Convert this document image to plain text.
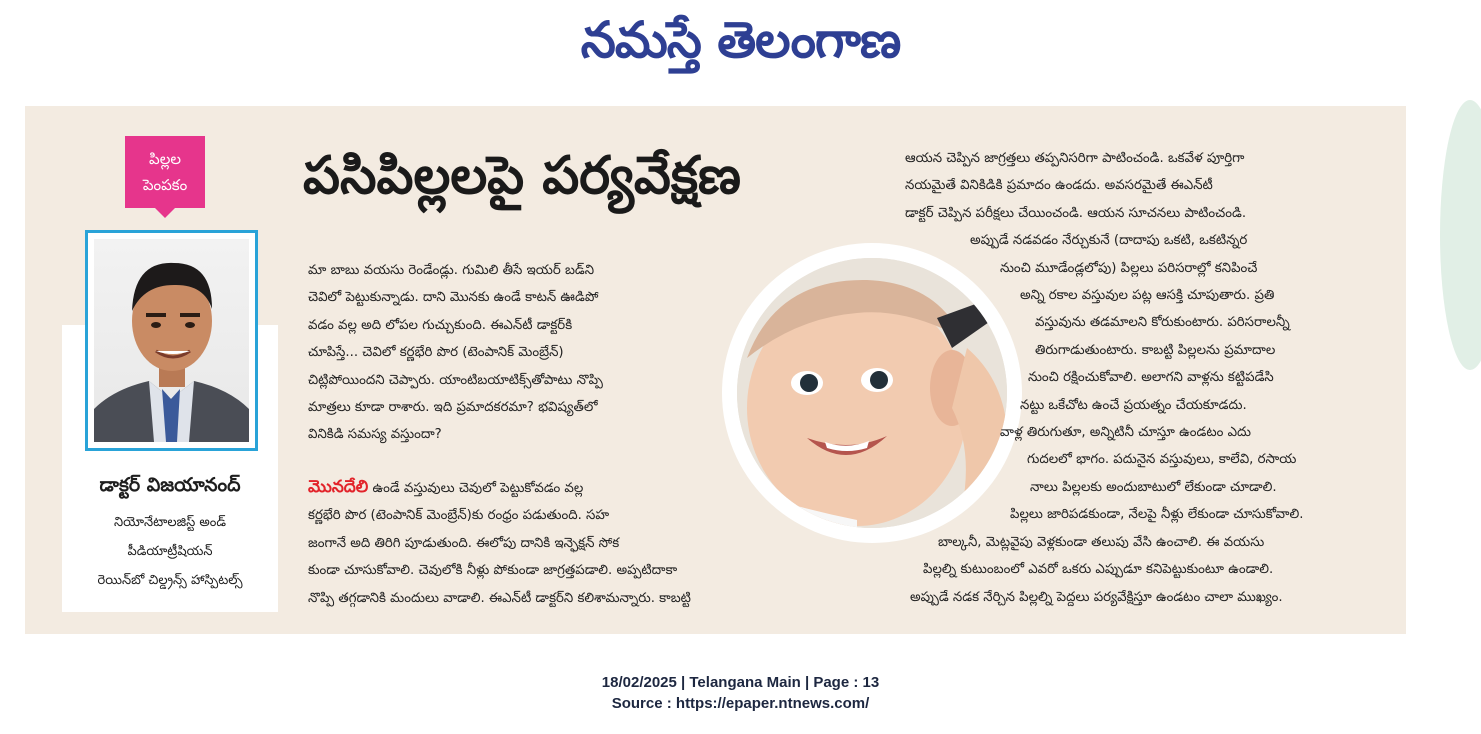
నమస్తే తెలంగాణ
పిల్లల
పెంపకం
డాక్టర్‌ విజయానంద్‌
నియోనేటాలజిస్ట్‌ అండ్‌
పీడియాట్రీషియన్‌
రెయిన్‌బో చిల్డ్రన్స్‌ హాస్పిటల్స్‌
పసిపిల్లలపై పర్యవేక్షణ

మా బాబు వయసు రెండేండ్లు. గుమిలి తీసే ఇయర్‌ బడ్‌ని

చెవిలో పెట్టుకున్నాడు. దాని మొనకు ఉండే కాటన్‌ ఊడిపో

వడం వల్ల అది లోపల గుచ్చుకుంది. ఈఎన్‌టీ డాక్టర్‌కి

చూపిస్తే... చెవిలో కర్ణభేరి పొర (టెంపానిక్‌ మెంబ్రేన్‌)

చిట్లిపోయిందని చెప్పారు. యాంటిబయాటిక్స్‌తోపాటు నొప్పి

మాత్రలు కూడా రాశారు. ఇది ప్రమాదకరమా? భవిష్యత్‌లో

వినికిడి సమస్య వస్తుందా?

మొనదేలి ఉండే వస్తువులు చెవులో పెట్టుకోవడం వల్ల

కర్ణభేరి పొర (టెంపానిక్‌ మెంబ్రేన్‌)కు రంధ్రం పడుతుంది. సహ

జంగానే అది తిరిగి పూడుతుంది. ఈలోపు దానికి ఇన్ఫెక్షన్‌ సోక

కుండా చూసుకోవాలి. చెవులోకి నీళ్లు పోకుండా జాగ్రత్తపడాలి. అప్పటిదాకా

నొప్పి తగ్గడానికి మందులు వాడాలి. ఈఎన్‌టీ డాక్టర్‌ని కలిశామన్నారు. కాబట్టి

ఆయన చెప్పిన జాగ్రత్తలు తప్పనిసరిగా పాటించండి. ఒకవేళ పూర్తిగా

నయమైతే వినికిడికి ప్రమాదం ఉండదు. అవసరమైతే ఈఎన్‌టీ

డాక్టర్‌ చెప్పిన పరీక్షలు చేయించండి. ఆయన సూచనలు పాటించండి.

అప్పుడే నడవడం నేర్చుకునే (దాదాపు ఒకటి, ఒకటిన్నర

నుంచి మూడేండ్లలోపు) పిల్లలు పరిసరాల్లో కనిపించే

అన్ని రకాల వస్తువుల పట్ల ఆసక్తి చూపుతారు. ప్రతి

వస్తువును తడమాలని కోరుకుంటారు. పరిసరాలన్నీ

తిరుగాడుతుంటారు. కాబట్టి పిల్లలను ప్రమాదాల

నుంచి రక్షించుకోవాలి. అలాగని వాళ్లను కట్టిపడేసి

నట్టు ఒకేచోట ఉంచే ప్రయత్నం చేయకూడదు.

వాళ్ల తిరుగుతూ, అన్నిటినీ చూస్తూ ఉండటం ఎదు

గుదలలో భాగం. పదునైన వస్తువులు, కాలేవి, రసాయ

నాలు పిల్లలకు అందుబాటులో లేకుండా చూడాలి.

పిల్లలు జారిపడకుండా, నేలపై నీళ్లు లేకుండా చూసుకోవాలి.

బాల్కనీ, మెట్లవైపు వెళ్లకుండా తలుపు వేసి ఉంచాలి. ఈ వయసు

పిల్లల్ని కుటుంబంలో ఎవరో ఒకరు ఎప్పుడూ కనిపెట్టుకుంటూ ఉండాలి.

అప్పుడే నడక నేర్చిన పిల్లల్ని పెద్దలు పర్యవేక్షిస్తూ ఉండటం చాలా ముఖ్యం.

18/02/2025 | Telangana Main | Page : 13
Source : https://epaper.ntnews.com/
